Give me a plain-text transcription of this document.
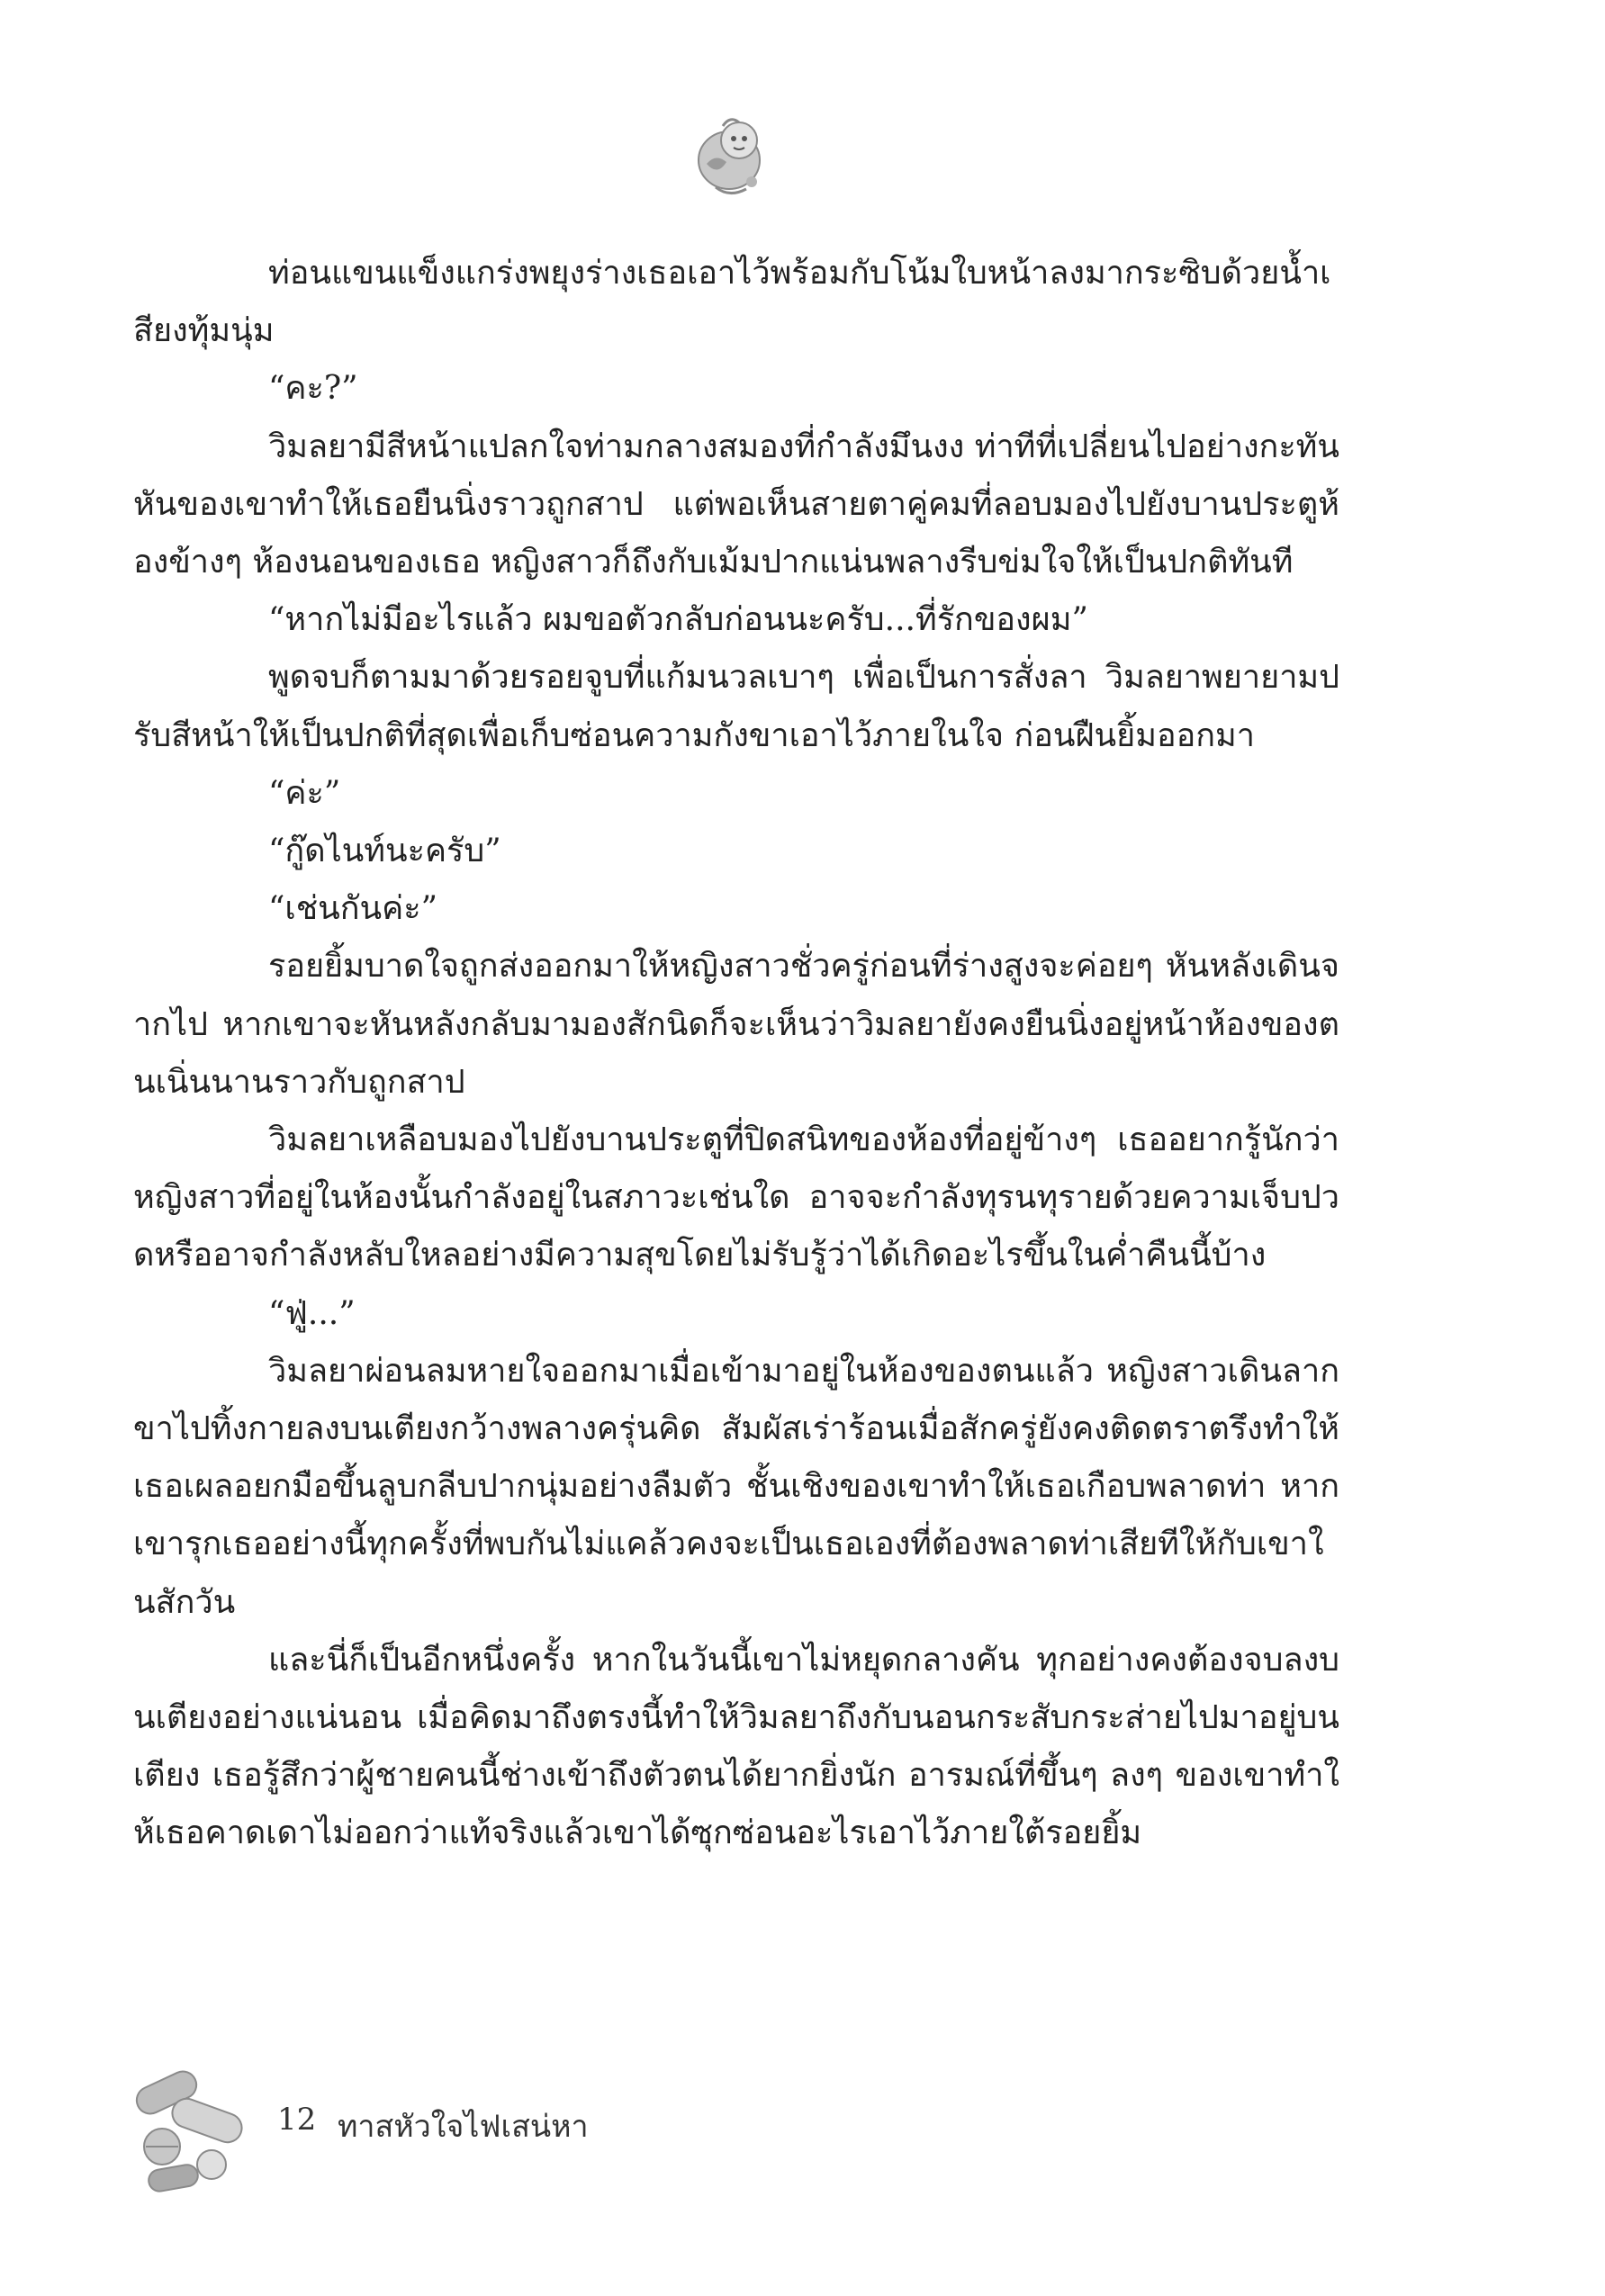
ท่อนแขนแข็งแกร่งพยุงร่างเธอเอาไว้พร้อมกับโน้มใบหน้าลงมากระซิบด้วยน้ำเสียงทุ้มนุ่ม

“คะ?”

วิมลยามีสีหน้าแปลกใจท่ามกลางสมองที่กำลังมึนงง ท่าทีที่เปลี่ยนไปอย่างกะทันหันของเขาทำให้เธอยืนนิ่งราวถูกสาป แต่พอเห็นสายตาคู่คมที่ลอบมองไปยังบานประตูห้องข้างๆ ห้องนอนของเธอ หญิงสาวก็ถึงกับเม้มปากแน่นพลางรีบข่มใจให้เป็นปกติทันที

“หากไม่มีอะไรแล้ว ผมขอตัวกลับก่อนนะครับ...ที่รักของผม”

พูดจบก็ตามมาด้วยรอยจูบที่แก้มนวลเบาๆ เพื่อเป็นการสั่งลา วิมลยาพยายามปรับสีหน้าให้เป็นปกติที่สุดเพื่อเก็บซ่อนความกังขาเอาไว้ภายในใจ ก่อนฝืนยิ้มออกมา

“ค่ะ”

“กู๊ดไนท์นะครับ”

“เช่นกันค่ะ”

รอยยิ้มบาดใจถูกส่งออกมาให้หญิงสาวชั่วครู่ก่อนที่ร่างสูงจะค่อยๆ หันหลังเดินจากไป หากเขาจะหันหลังกลับมามองสักนิดก็จะเห็นว่าวิมลยายังคงยืนนิ่งอยู่หน้าห้องของตนเนิ่นนานราวกับถูกสาป

วิมลยาเหลือบมองไปยังบานประตูที่ปิดสนิทของห้องที่อยู่ข้างๆ เธออยากรู้นักว่าหญิงสาวที่อยู่ในห้องนั้นกำลังอยู่ในสภาวะเช่นใด อาจจะกำลังทุรนทุรายด้วยความเจ็บปวดหรืออาจกำลังหลับใหลอย่างมีความสุขโดยไม่รับรู้ว่าได้เกิดอะไรขึ้นในค่ำคืนนี้บ้าง

“ฟู่...”

วิมลยาผ่อนลมหายใจออกมาเมื่อเข้ามาอยู่ในห้องของตนแล้ว หญิงสาวเดินลากขาไปทิ้งกายลงบนเตียงกว้างพลางครุ่นคิด สัมผัสเร่าร้อนเมื่อสักครู่ยังคงติดตราตรึงทำให้เธอเผลอยกมือขึ้นลูบกลีบปากนุ่มอย่างลืมตัว ชั้นเชิงของเขาทำให้เธอเกือบพลาดท่า หากเขารุกเธออย่างนี้ทุกครั้งที่พบกันไม่แคล้วคงจะเป็นเธอเองที่ต้องพลาดท่าเสียทีให้กับเขาในสักวัน

และนี่ก็เป็นอีกหนึ่งครั้ง หากในวันนี้เขาไม่หยุดกลางคัน ทุกอย่างคงต้องจบลงบนเตียงอย่างแน่นอน เมื่อคิดมาถึงตรงนี้ทำให้วิมลยาถึงกับนอนกระสับกระส่ายไปมาอยู่บนเตียง เธอรู้สึกว่าผู้ชายคนนี้ช่างเข้าถึงตัวตนได้ยากยิ่งนัก อารมณ์ที่ขึ้นๆ ลงๆ ของเขาทำให้เธอคาดเดาไม่ออกว่าแท้จริงแล้วเขาได้ซุกซ่อนอะไรเอาไว้ภายใต้รอยยิ้ม

12 ทาสหัวใจไฟเสน่หา
